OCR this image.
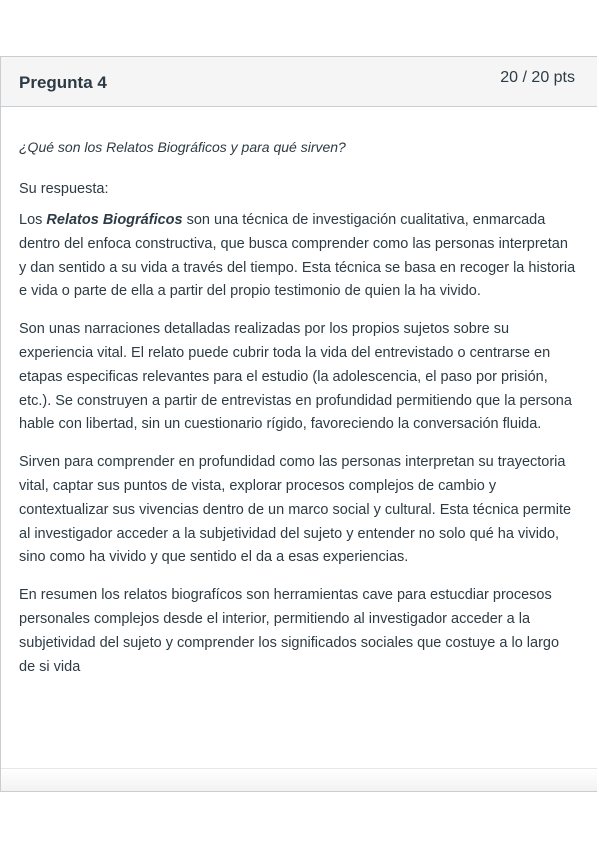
Pregunta 4	20 / 20 pts

¿Qué son los Relatos Biográficos y para qué sirven?

Su respuesta:

Los Relatos Biográficos son una técnica de investigación cualitativa, enmarcada dentro del enfoca constructiva, que busca comprender como las personas interpretan y dan sentido a su vida a través del tiempo. Esta técnica se basa en recoger la historia e vida o parte de ella a partir del propio testimonio de quien la ha vivido.

Son unas narraciones detalladas realizadas por los propios sujetos sobre su experiencia vital. El relato puede cubrir toda la vida del entrevistado o centrarse en etapas especificas relevantes para el estudio (la adolescencia, el paso por prisión, etc.). Se construyen a partir de entrevistas en profundidad permitiendo que la persona hable con libertad, sin un cuestionario rígido, favoreciendo la conversación fluida.

Sirven para comprender en profundidad como las personas interpretan su trayectoria vital, captar sus puntos de vista, explorar procesos complejos de cambio y contextualizar sus vivencias dentro de un marco social y cultural. Esta técnica permite al investigador acceder a la subjetividad del sujeto y entender no solo qué ha vivido, sino como ha vivido y que sentido el da a esas experiencias.

En resumen los relatos biografícos son herramientas cave para estucdiar procesos personales complejos desde el interior, permitiendo al investigador acceder a la subjetividad del sujeto y comprender los significados sociales que costuye a lo largo de si vida
